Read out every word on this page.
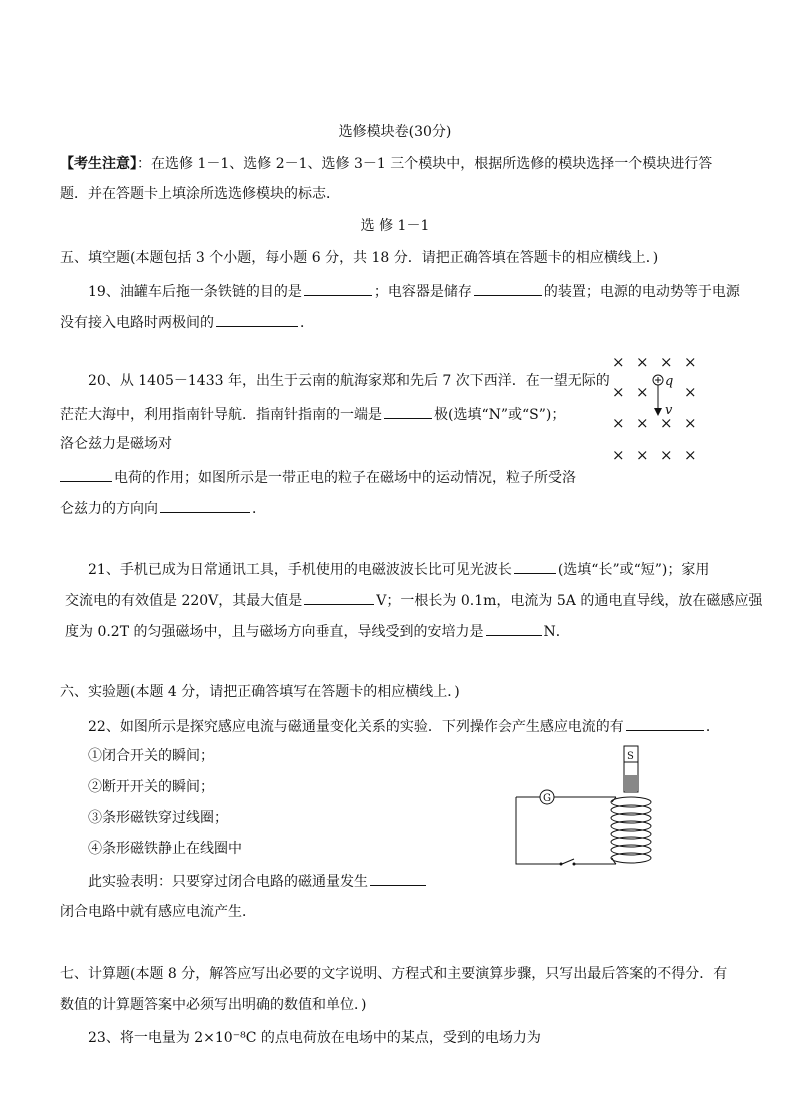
选修模块卷(30分)
【考生注意】：在选修 1－1、选修 2－1、选修 3－1 三个模块中，根据所选修的模块选择一个模块进行答
题．并在答题卡上填涂所选选修模块的标志．
选 修 1－1
五、填空题(本题包括 3 个小题，每小题 6 分，共 18 分．请把正确答填在答题卡的相应横线上．)
19、油罐车后拖一条铁链的目的是	；电容器是储存	的装置；电源的电动势等于电源
没有接入电路时两极间的	．
20、从 1405－1433 年，出生于云南的航海家郑和先后 7 次下西洋．在一望无际的
茫茫大海中，利用指南针导航．指南针指南的一端是	极(选填“N”或“S”)；
洛仑兹力是磁场对
电荷的作用；如图所示是一带正电的粒子在磁场中的运动情况，粒子所受洛
仑兹力的方向向	．
× × × ×
× × ×
× × × ×
× × × ×
q
v
21、手机已成为日常通讯工具，手机使用的电磁波波长比可见光波长	(选填“长”或“短”)；家用
交流电的有效值是 220V，其最大值是	V；一根长为 0.1m，电流为 5A 的通电直导线，放在磁感应强
度为 0.2T 的匀强磁场中，且与磁场方向垂直，导线受到的安培力是	N．
六、实验题(本题 4 分，请把正确答填写在答题卡的相应横线上．)
22、如图所示是探究感应电流与磁通量变化关系的实验．下列操作会产生感应电流的有	．
①闭合开关的瞬间；
②断开开关的瞬间；
③条形磁铁穿过线圈；
④条形磁铁静止在线圈中
此实验表明：只要穿过闭合电路的磁通量发生
闭合电路中就有感应电流产生．
S
G
七、计算题(本题 8 分，解答应写出必要的文字说明、方程式和主要演算步骤，只写出最后答案的不得分．有
数值的计算题答案中必须写出明确的数值和单位．)
23、将一电量为 2×10⁻⁸C 的点电荷放在电场中的某点，受到的电场力为
